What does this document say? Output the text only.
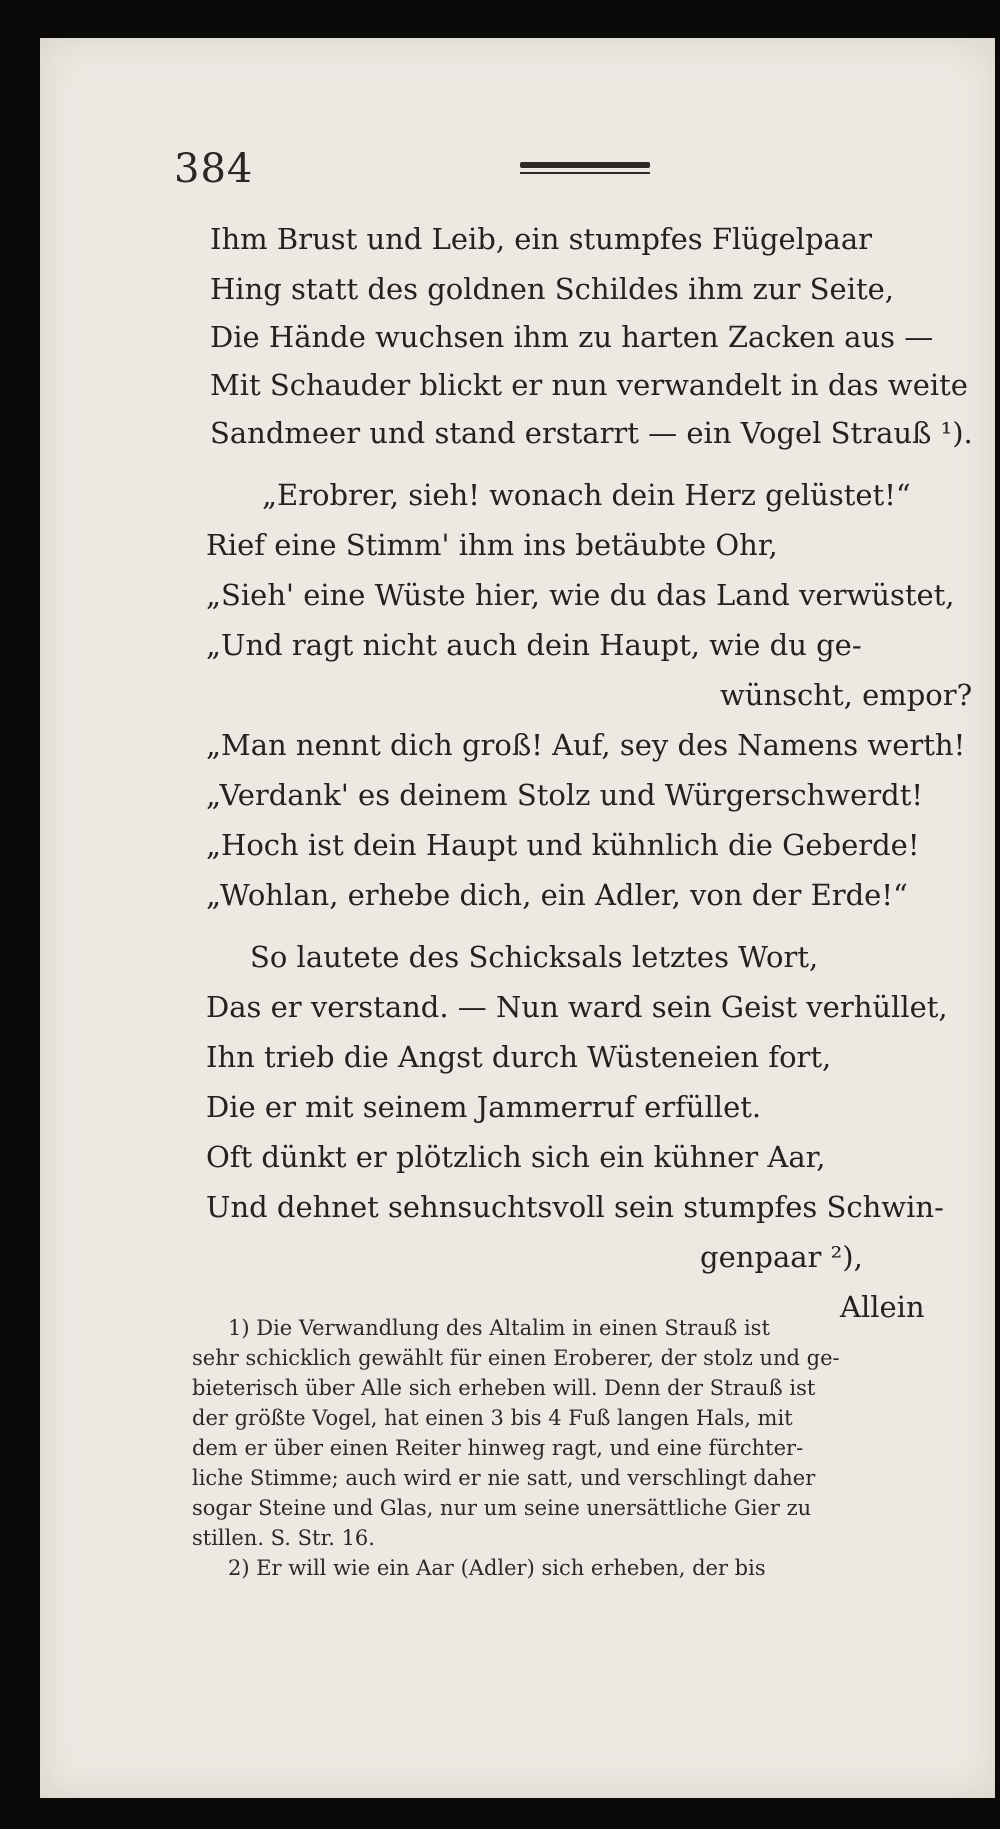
384
Ihm Brust und Leib, ein stumpfes Flügelpaar
Hing statt des goldnen Schildes ihm zur Seite,
Die Hände wuchsen ihm zu harten Zacken aus —
Mit Schauder blickt er nun verwandelt in das weite
Sandmeer und stand erstarrt — ein Vogel Strauß ¹).
„Erobrer, sieh! wonach dein Herz gelüstet!“
Rief eine Stimm' ihm ins betäubte Ohr,
„Sieh' eine Wüste hier, wie du das Land verwüstet,
„Und ragt nicht auch dein Haupt, wie du ge-
wünscht, empor?
„Man nennt dich groß! Auf, sey des Namens werth!
„Verdank' es deinem Stolz und Würgerschwerdt!
„Hoch ist dein Haupt und kühnlich die Geberde!
„Wohlan, erhebe dich, ein Adler, von der Erde!“
So lautete des Schicksals letztes Wort,
Das er verstand. — Nun ward sein Geist verhüllet,
Ihn trieb die Angst durch Wüsteneien fort,
Die er mit seinem Jammerruf erfüllet.
Oft dünkt er plötzlich sich ein kühner Aar,
Und dehnet sehnsuchtsvoll sein stumpfes Schwin-
genpaar ²),
Allein
1) Die Verwandlung des Altalim in einen Strauß ist
sehr schicklich gewählt für einen Eroberer, der stolz und ge-
bieterisch über Alle sich erheben will. Denn der Strauß ist
der größte Vogel, hat einen 3 bis 4 Fuß langen Hals, mit
dem er über einen Reiter hinweg ragt, und eine fürchter-
liche Stimme; auch wird er nie satt, und verschlingt daher
sogar Steine und Glas, nur um seine unersättliche Gier zu
stillen. S. Str. 16.
2) Er will wie ein Aar (Adler) sich erheben, der bis
